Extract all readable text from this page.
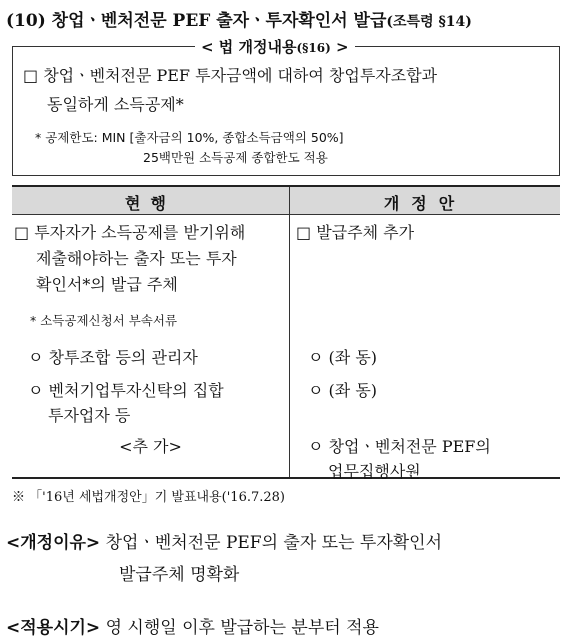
(10) 창업ㆍ벤처전문 PEF 출자ㆍ투자확인서 발급(조특령 §14)
< 법 개정내용(§16) >
□ 창업ㆍ벤처전문 PEF 투자금액에 대하여 창업투자조합과
동일하게 소득공제*
* 공제한도: MIN [출자금의 10%, 종합소득금액의 50%]
25백만원 소득공제 종합한도 적용
현행	개정안
□ 투자자가 소득공제를 받기위해
제출해야하는 출자 또는 투자
확인서*의 발급 주체
* 소득공제신청서 부속서류
ㅇ 창투조합 등의 관리자
ㅇ 벤처기업투자신탁의 집합
투자업자 등
<추 가>
□ 발급주체 추가
ㅇ (좌 동)
ㅇ (좌 동)
ㅇ 창업ㆍ벤처전문 PEF의
업무집행사원
※ 「'16년 세법개정안」기 발표내용('16.7.28)
<개정이유> 창업ㆍ벤처전문 PEF의 출자 또는 투자확인서
발급주체 명확화
<적용시기> 영 시행일 이후 발급하는 분부터 적용
